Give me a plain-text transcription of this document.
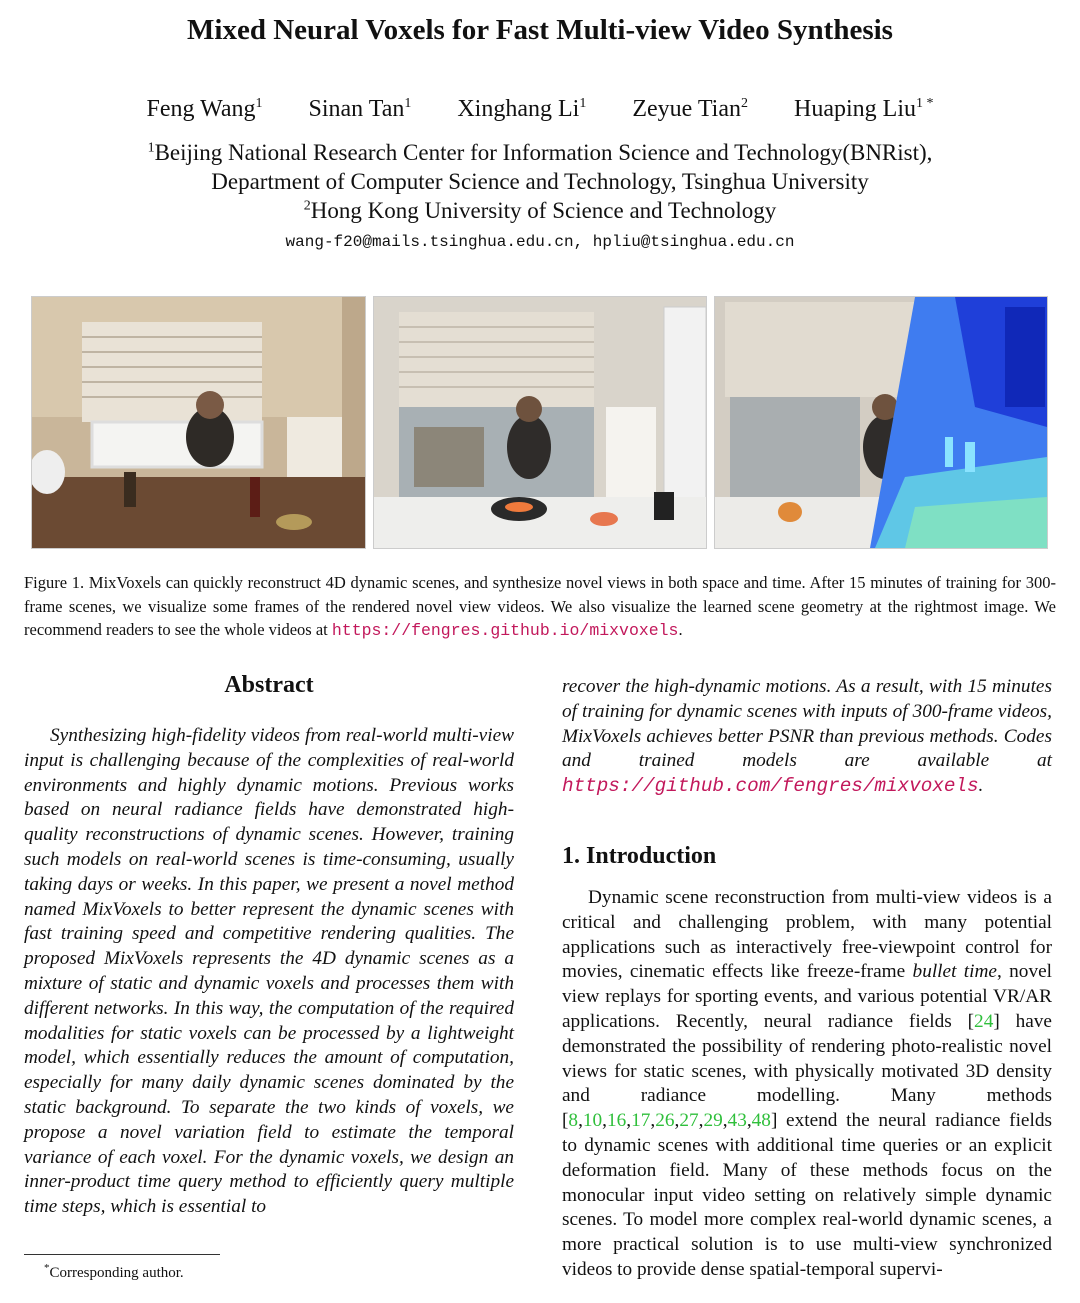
Mixed Neural Voxels for Fast Multi-view Video Synthesis
Feng Wang$^1$ Sinan Tan$^1$ Xinghang Li$^1$ Zeyue Tian$^2$ Huaping Liu$^{1 *}$
$^1$Beijing National Research Center for Information Science and Technology(BNRist),
Department of Computer Science and Technology, Tsinghua University
$^2$Hong Kong University of Science and Technology
wang-f20@mails.tsinghua.edu.cn, hpliu@tsinghua.edu.cn
Figure 1. MixVoxels can quickly reconstruct 4D dynamic scenes, and synthesize novel views in both space and time. After 15 minutes of training for 300-frame scenes, we visualize some frames of the rendered novel view videos. We also visualize the learned scene geometry at the rightmost image. We recommend readers to see the whole videos at https://fengres.github.io/mixvoxels.
Abstract
Synthesizing high-fidelity videos from real-world multi-view input is challenging because of the complexities of real-world environments and highly dynamic motions. Previous works based on neural radiance fields have demonstrated high-quality reconstructions of dynamic scenes. However, training such models on real-world scenes is time-consuming, usually taking days or weeks. In this paper, we present a novel method named MixVoxels to better represent the dynamic scenes with fast training speed and competitive rendering qualities. The proposed MixVoxels represents the 4D dynamic scenes as a mixture of static and dynamic voxels and processes them with different networks. In this way, the computation of the required modalities for static voxels can be processed by a lightweight model, which essentially reduces the amount of computation, especially for many daily dynamic scenes dominated by the static background. To separate the two kinds of voxels, we propose a novel variation field to estimate the temporal variance of each voxel. For the dynamic voxels, we design an inner-product time query method to efficiently query multiple time steps, which is essential to
recover the high-dynamic motions. As a result, with 15 minutes of training for dynamic scenes with inputs of 300-frame videos, MixVoxels achieves better PSNR than previous methods. Codes and trained models are available at https://github.com/fengres/mixvoxels.
1. Introduction
Dynamic scene reconstruction from multi-view videos is a critical and challenging problem, with many potential applications such as interactively free-viewpoint control for movies, cinematic effects like freeze-frame bullet time, novel view replays for sporting events, and various potential VR/AR applications. Recently, neural radiance fields [24] have demonstrated the possibility of rendering photo-realistic novel views for static scenes, with physically motivated 3D density and radiance modelling. Many methods [8,10,16,17,26,27,29,43,48] extend the neural radiance fields to dynamic scenes with additional time queries or an explicit deformation field. Many of these methods focus on the monocular input video setting on relatively simple dynamic scenes. To model more complex real-world dynamic scenes, a more practical solution is to use multi-view synchronized videos to provide dense spatial-temporal supervi-
*Corresponding author.
